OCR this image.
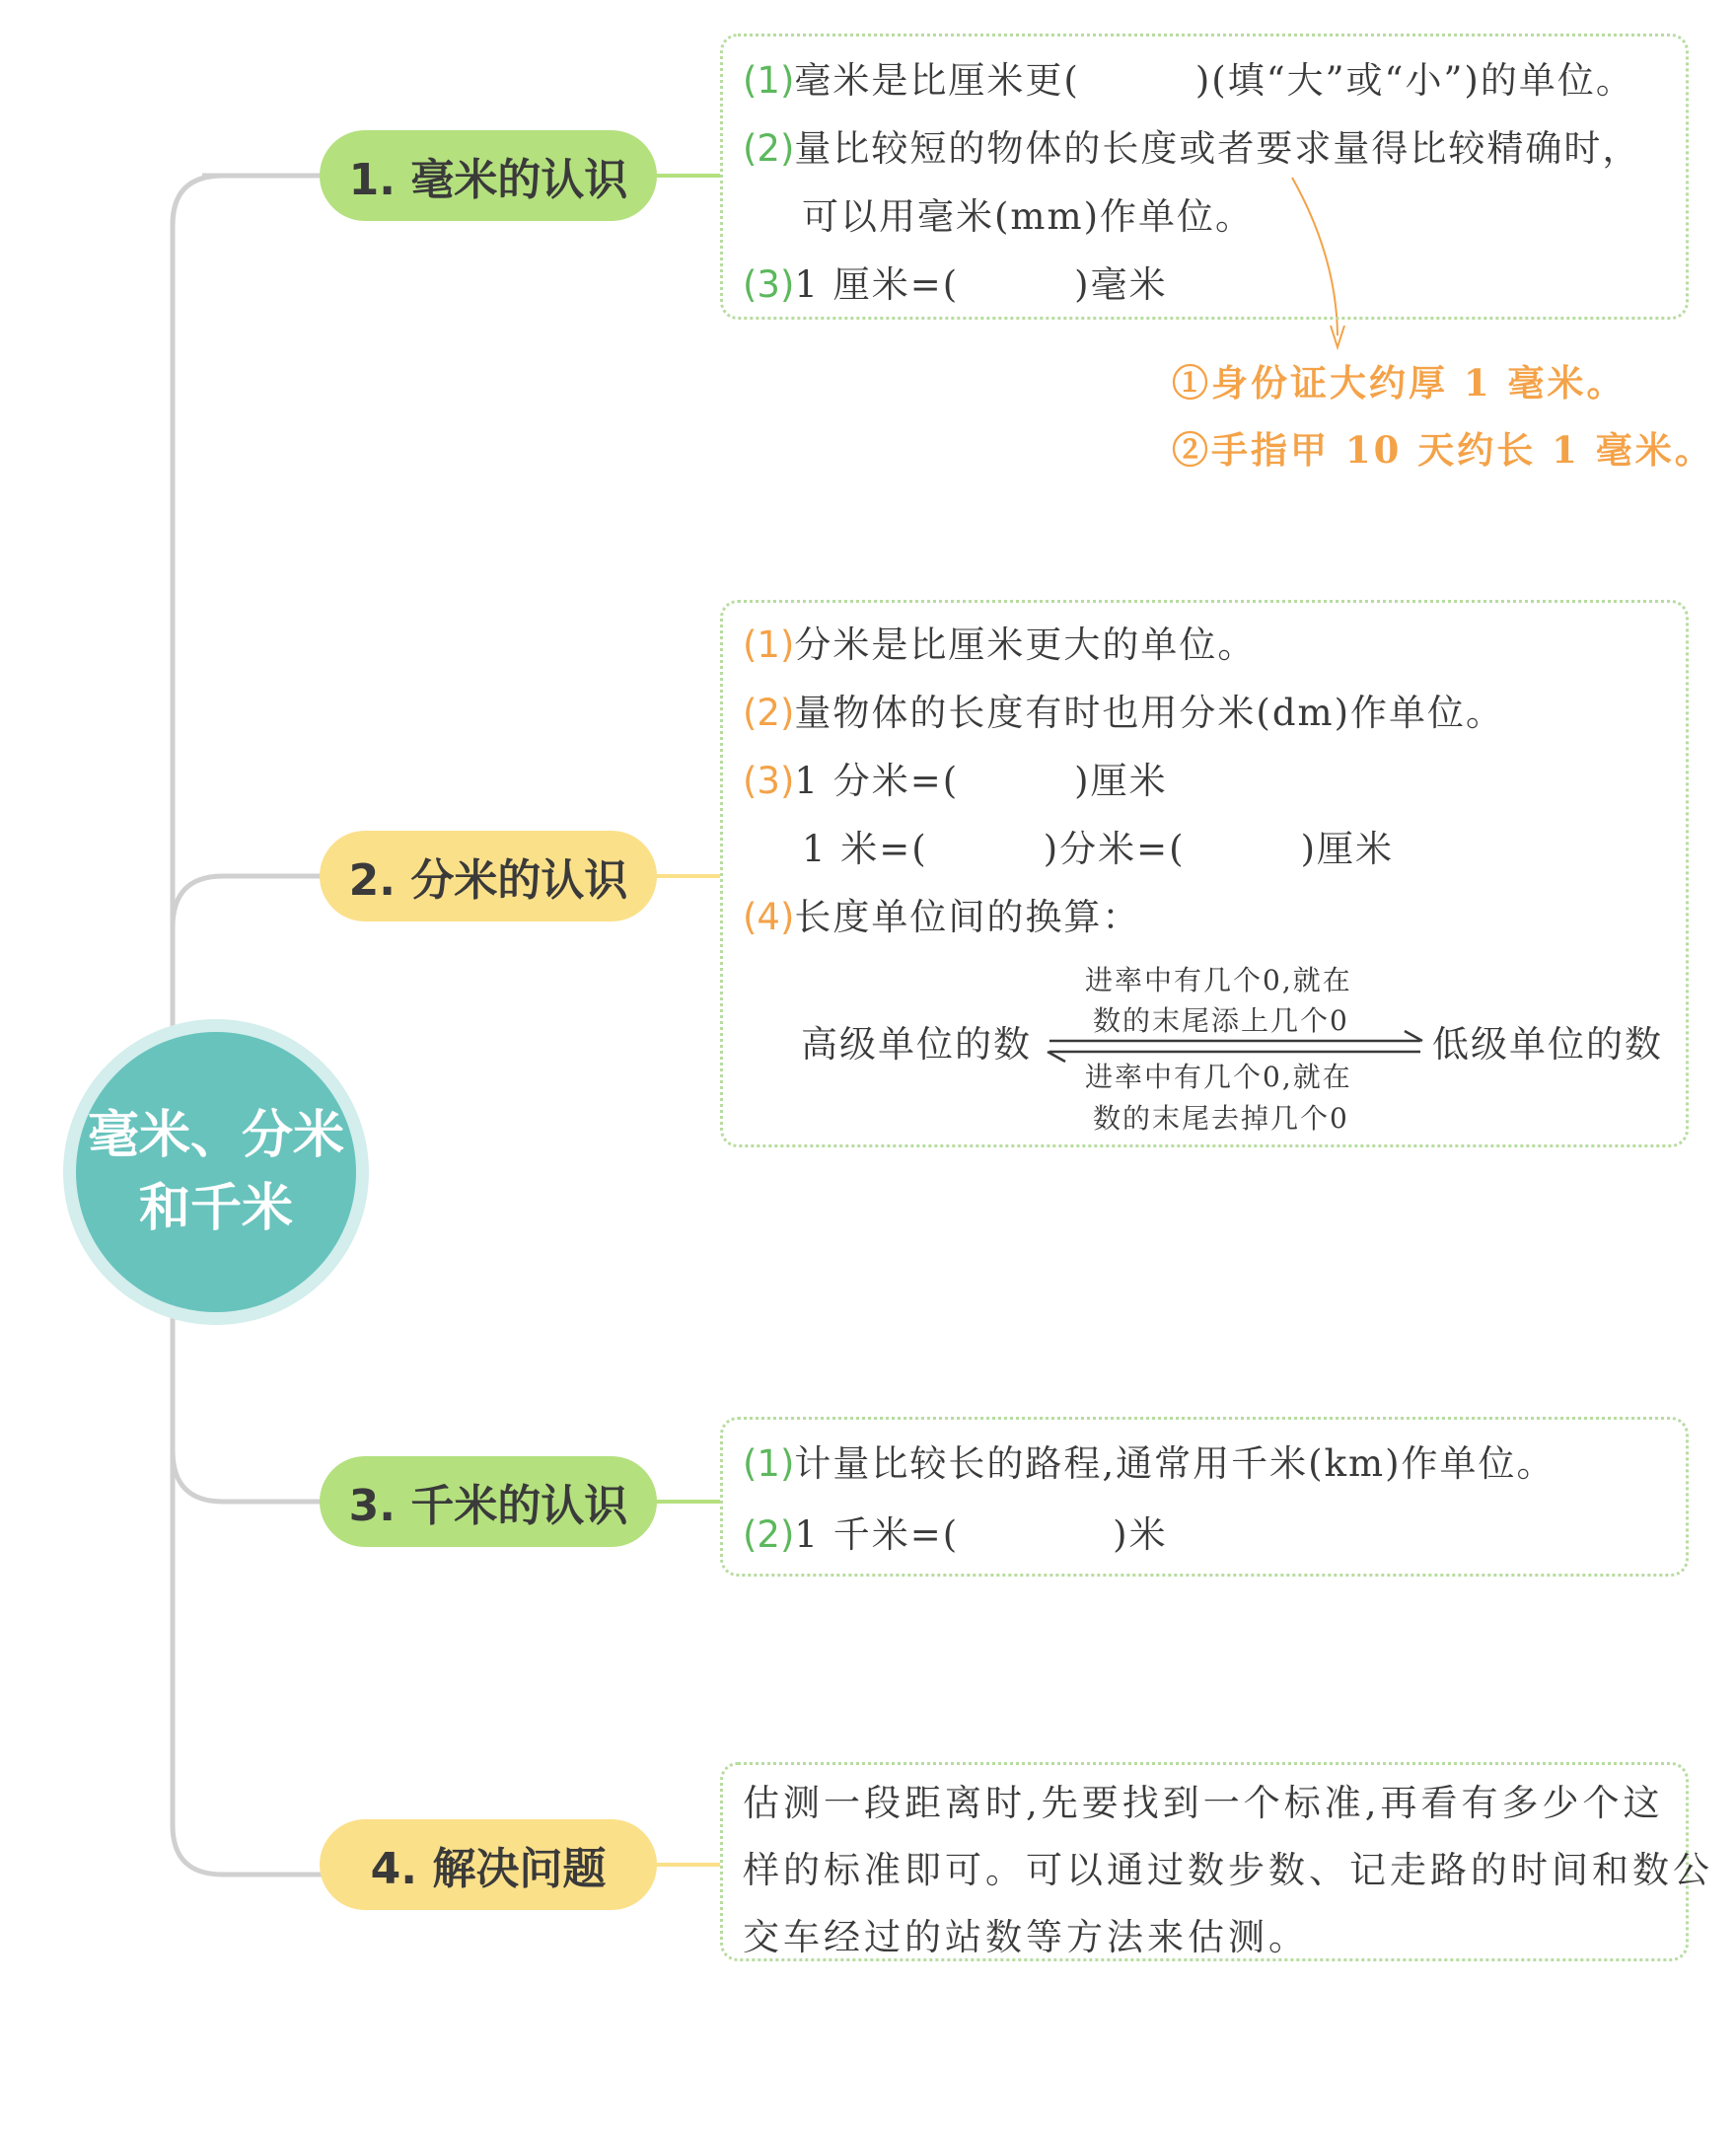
毫米、分米
和千米
1. 毫米的认识
2. 分米的认识
3. 千米的认识
4. 解决问题
(1)毫米是比厘米更(　　　)(填“大”或“小”)的单位。
(2)量比较短的物体的长度或者要求量得比较精确时，
可以用毫米(mm)作单位。
(3)1 厘米=(　　　)毫米
①身份证大约厚 1 毫米。
②手指甲 10 天约长 1 毫米。
(1)分米是比厘米更大的单位。
(2)量物体的长度有时也用分米(dm)作单位。
(3)1 分米=(　　　)厘米
1 米=(　　　)分米=(　　　)厘米
(4)长度单位间的换算：
高级单位的数	低级单位的数
进率中有几个0,就在
数的末尾添上几个0
进率中有几个0,就在
数的末尾去掉几个0
(1)计量比较长的路程,通常用千米(km)作单位。
(2)1 千米=(　　　　)米
估测一段距离时,先要找到一个标准,再看有多少个这
样的标准即可。可以通过数步数、记走路的时间和数公
交车经过的站数等方法来估测。
